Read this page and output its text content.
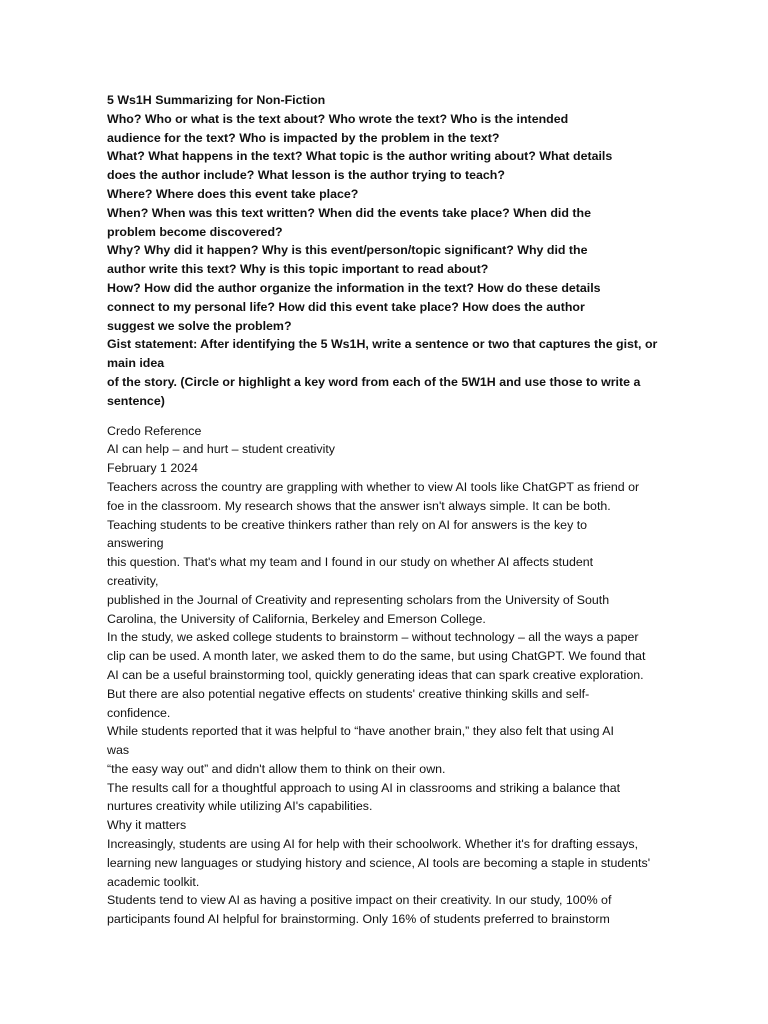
5 Ws1H Summarizing for Non-Fiction
Who? Who or what is the text about? Who wrote the text? Who is the intended
audience for the text? Who is impacted by the problem in the text?
What? What happens in the text? What topic is the author writing about? What details
does the author include? What lesson is the author trying to teach?
Where? Where does this event take place?
When? When was this text written? When did the events take place? When did the
problem become discovered?
Why? Why did it happen? Why is this event/person/topic significant? Why did the
author write this text? Why is this topic important to read about?
How? How did the author organize the information in the text? How do these details
connect to my personal life? How did this event take place? How does the author
suggest we solve the problem?
Gist statement: After identifying the 5 Ws1H, write a sentence or two that captures the gist, or
main idea
of the story. (Circle or highlight a key word from each of the 5W1H and use those to write a
sentence)
Credo Reference
AI can help – and hurt – student creativity
February 1 2024
Teachers across the country are grappling with whether to view AI tools like ChatGPT as friend or
foe in the classroom. My research shows that the answer isn't always simple. It can be both.
Teaching students to be creative thinkers rather than rely on AI for answers is the key to
answering
this question. That's what my team and I found in our study on whether AI affects student
creativity,
published in the Journal of Creativity and representing scholars from the University of South
Carolina, the University of California, Berkeley and Emerson College.
In the study, we asked college students to brainstorm – without technology – all the ways a paper
clip can be used. A month later, we asked them to do the same, but using ChatGPT. We found that
AI can be a useful brainstorming tool, quickly generating ideas that can spark creative exploration.
But there are also potential negative effects on students' creative thinking skills and self-
confidence.
While students reported that it was helpful to “have another brain,” they also felt that using AI
was
“the easy way out” and didn't allow them to think on their own.
The results call for a thoughtful approach to using AI in classrooms and striking a balance that
nurtures creativity while utilizing AI's capabilities.
Why it matters
Increasingly, students are using AI for help with their schoolwork. Whether it's for drafting essays,
learning new languages or studying history and science, AI tools are becoming a staple in students'
academic toolkit.
Students tend to view AI as having a positive impact on their creativity. In our study, 100% of
participants found AI helpful for brainstorming. Only 16% of students preferred to brainstorm
